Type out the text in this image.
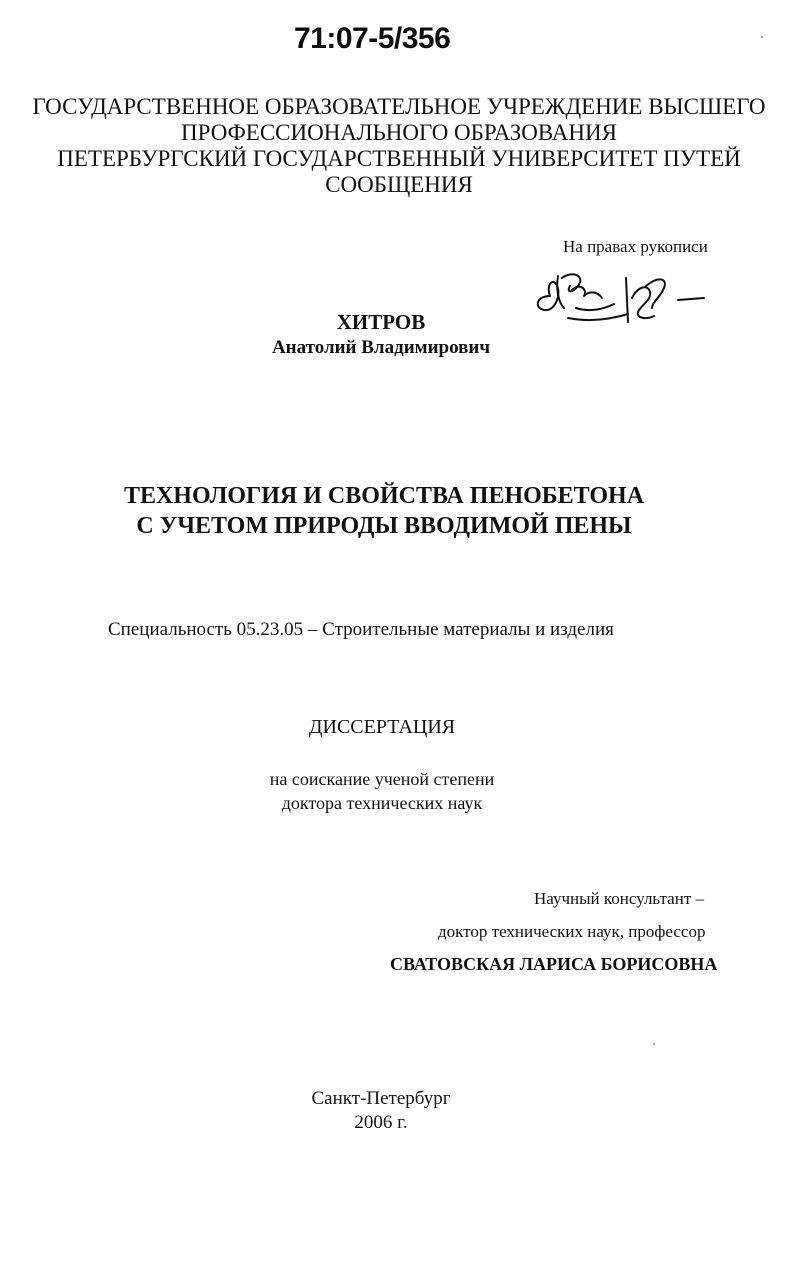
71:07-5/356
ГОСУДАРСТВЕННОЕ ОБРАЗОВАТЕЛЬНОЕ УЧРЕЖДЕНИЕ ВЫСШЕГО
ПРОФЕССИОНАЛЬНОГО ОБРАЗОВАНИЯ
ПЕТЕРБУРГСКИЙ ГОСУДАРСТВЕННЫЙ УНИВЕРСИТЕТ ПУТЕЙ
СООБЩЕНИЯ
На правах рукописи
ХИТРОВ
Анатолий Владимирович
ТЕХНОЛОГИЯ И СВОЙСТВА ПЕНОБЕТОНА
С УЧЕТОМ ПРИРОДЫ ВВОДИМОЙ ПЕНЫ
Специальность 05.23.05 – Строительные материалы и изделия
ДИССЕРТАЦИЯ
на соискание ученой степени
доктора технических наук
Научный консультант –
доктор технических наук, профессор
СВАТОВСКАЯ ЛАРИСА БОРИСОВНА
Санкт-Петербург
2006 г.
